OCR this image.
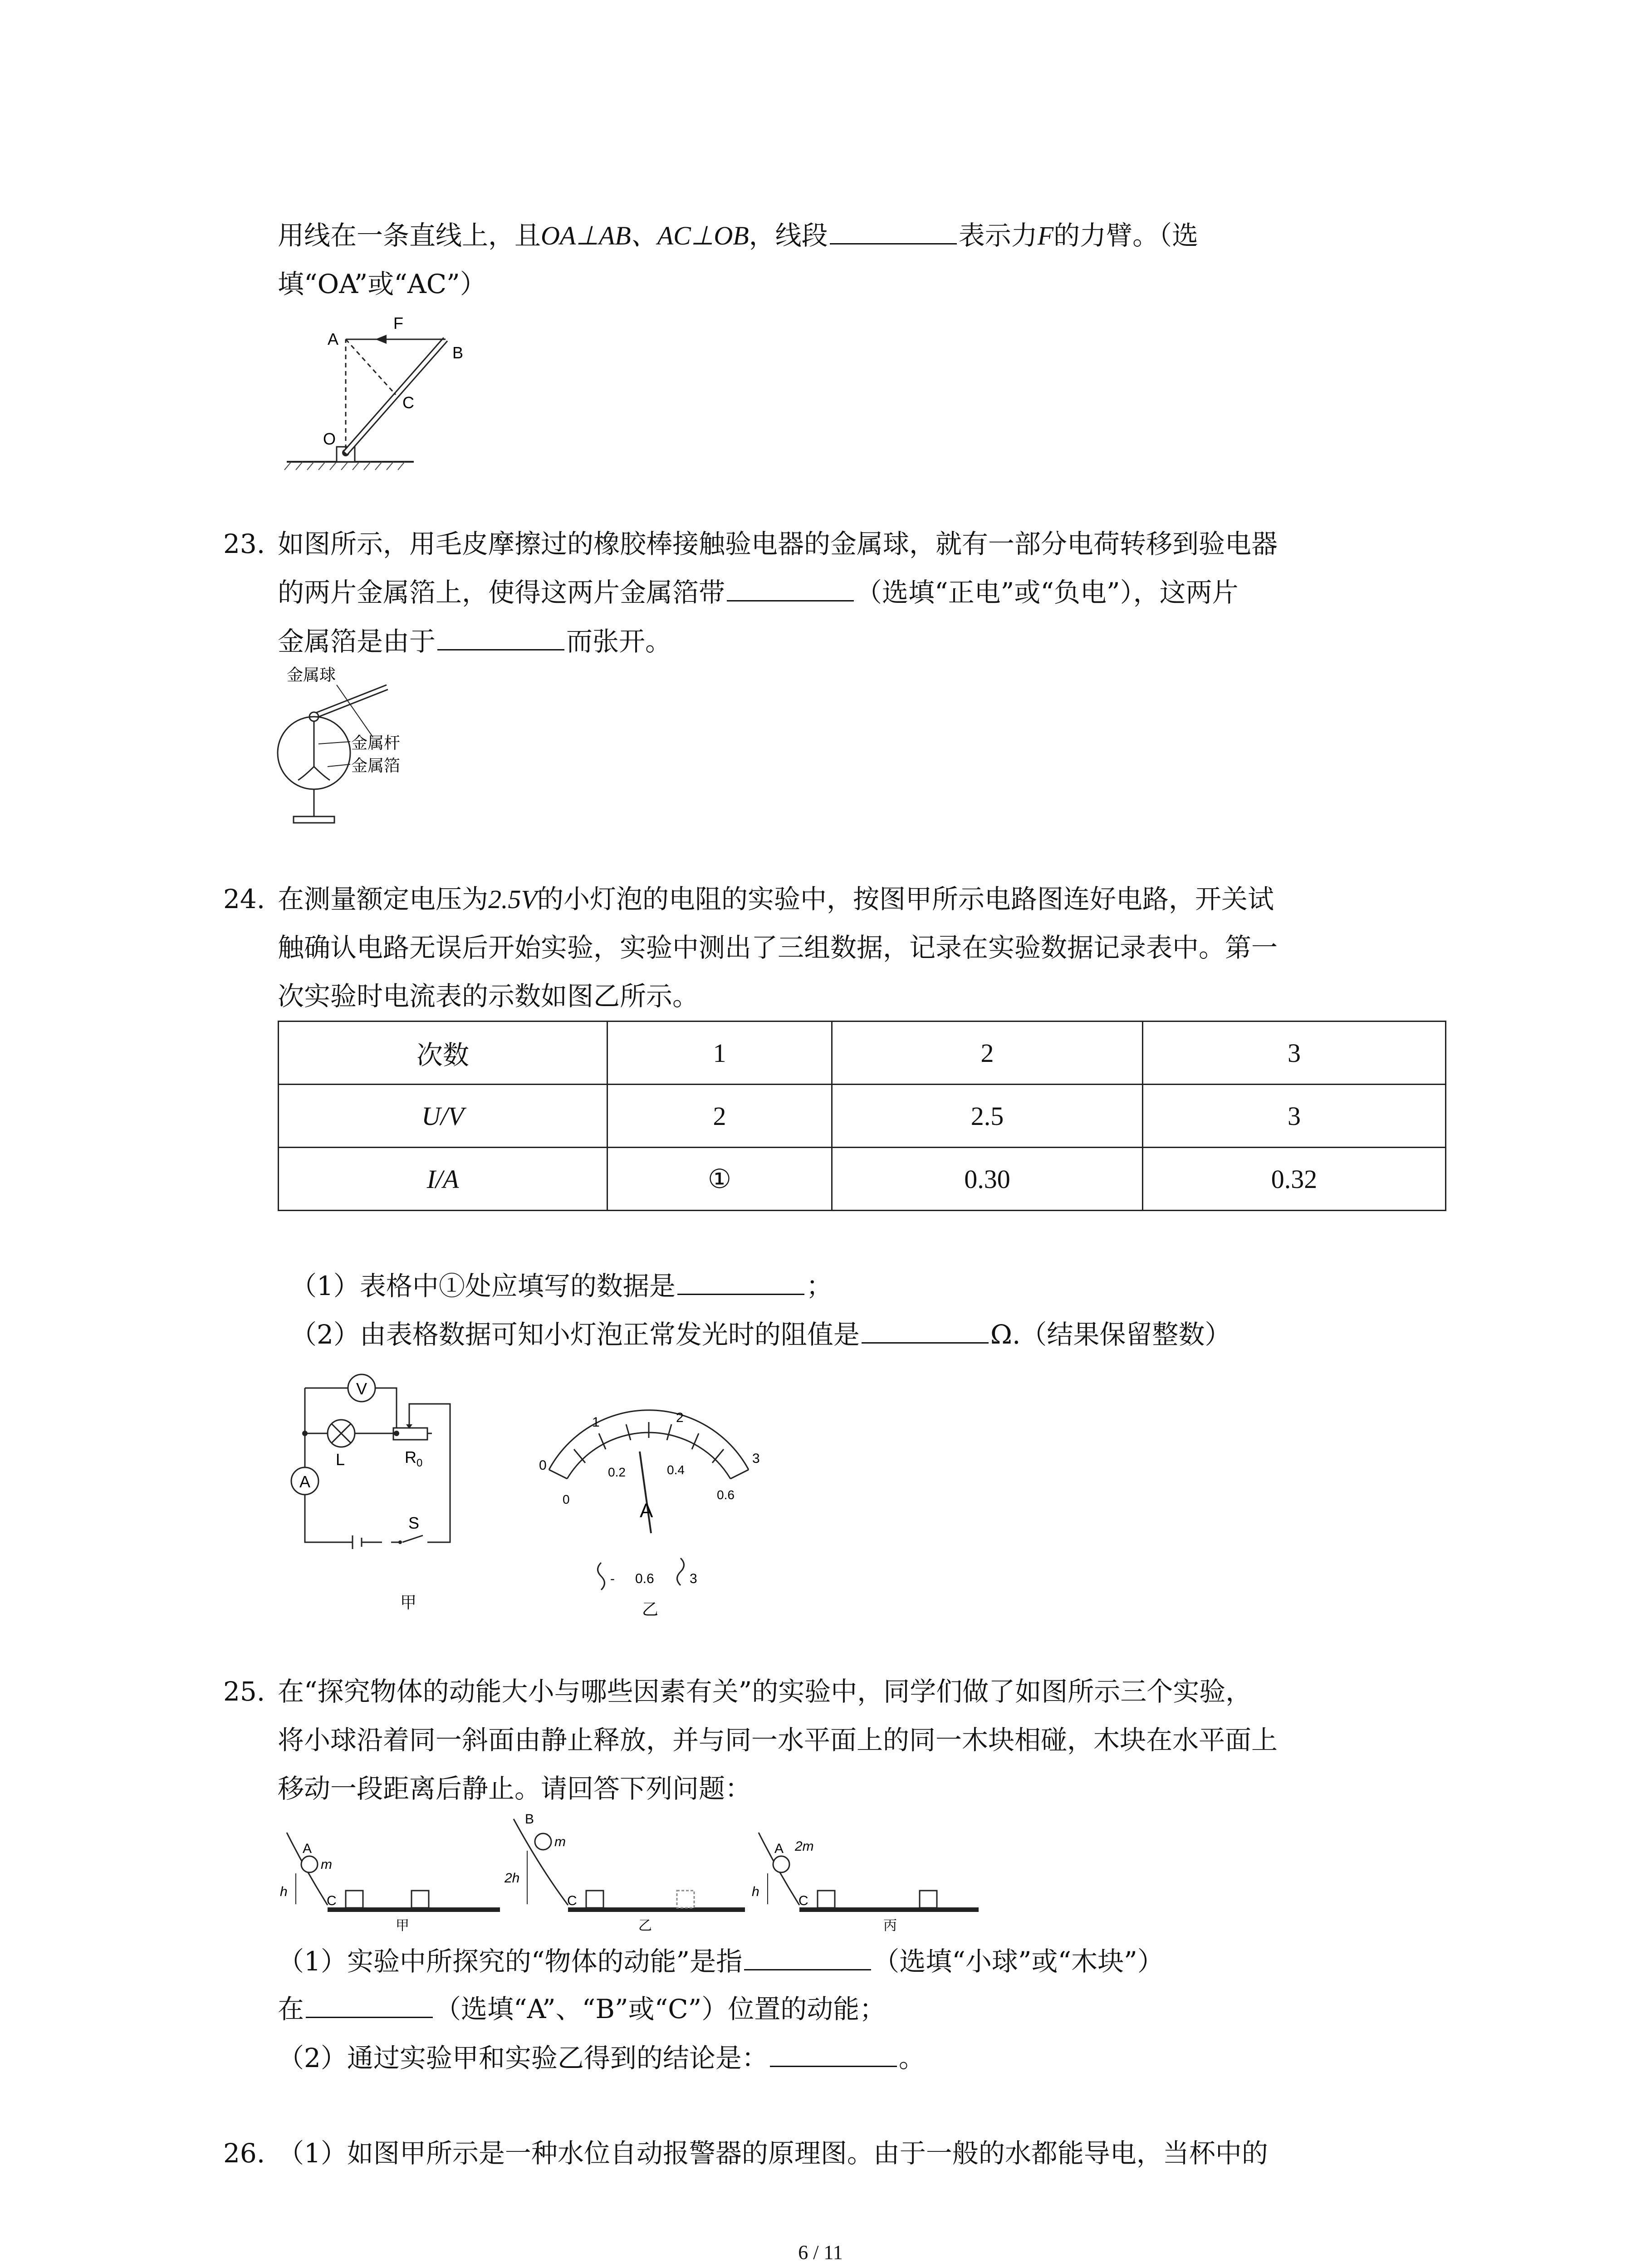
用线在一条直线上，且OA⊥AB、AC⊥OB，线段	表示力F的力臂。（选
填“OA”或“AC”）
F
A
B
C
O
23. 如图所示，用毛皮摩擦过的橡胶棒接触验电器的金属球，就有一部分电荷转移到验电器
的两片金属箔上，使得这两片金属箔带	（选填“正电”或“负电”），这两片
金属箔是由于	而张开。
金属球
金属杆
金属箔
24. 在测量额定电压为2.5V的小灯泡的电阻的实验中，按图甲所示电路图连好电路，开关试
触确认电路无误后开始实验，实验中测出了三组数据，记录在实验数据记录表中。第一
次实验时电流表的示数如图乙所示。
次数	1	2	3
U/V	2	2.5	3
I/A	①	0.30	0.32
（1）表格中①处应填写的数据是	；
（2）由表格数据可知小灯泡正常发光时的阻值是	Ω.（结果保留整数）
V
L	$R_0$
A
S
甲
0
1	2
3
0
0.2	0.4
0.6
A
- 0.6	3
乙
25. 在“探究物体的动能大小与哪些因素有关”的实验中，同学们做了如图所示三个实验，
将小球沿着同一斜面由静止释放，并与同一水平面上的同一木块相碰，木块在水平面上
移动一段距离后静止。请回答下列问题：
A
m
h
C
甲
B
m
2h
C
乙
A 2m
h
C
丙
（1）实验中所探究的“物体的动能”是指	（选填“小球”或“木块”）
在	（选填“A”、“B”或“C”）位置的动能；
（2）通过实验甲和实验乙得到的结论是：	。
26. （1）如图甲所示是一种水位自动报警器的原理图。由于一般的水都能导电，当杯中的
6 / 11
